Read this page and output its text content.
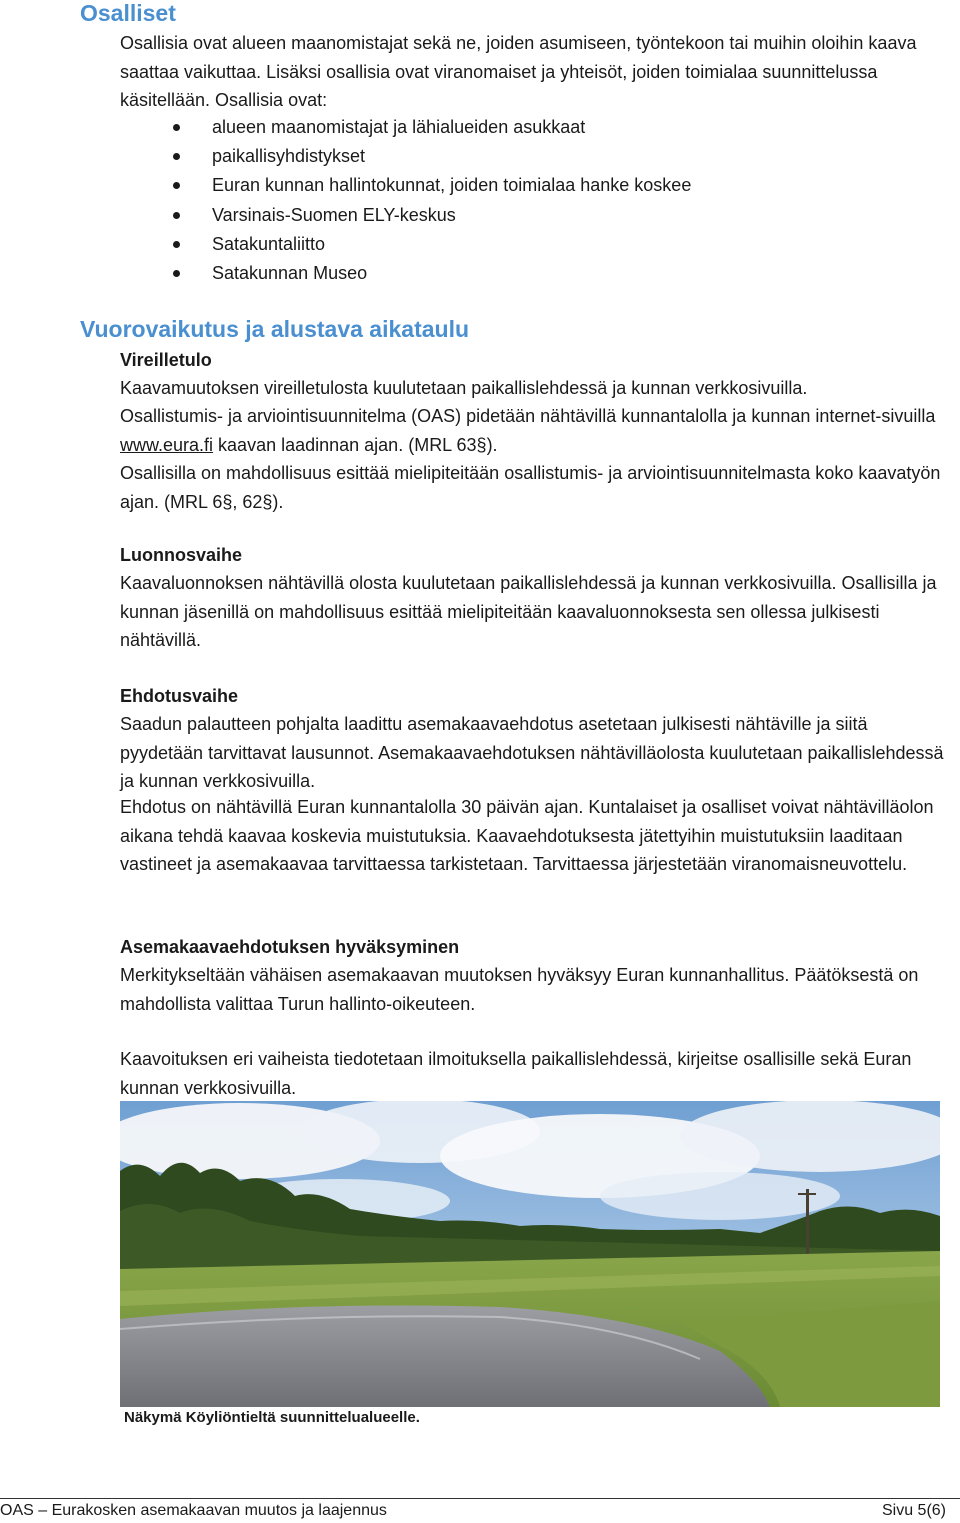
Osalliset

Osallisia ovat alueen maanomistajat sekä ne, joiden asumiseen, työntekoon tai muihin oloihin kaava saattaa vaikuttaa. Lisäksi osallisia ovat viranomaiset ja yhteisöt, joiden toimialaa suunnittelussa käsitellään. Osallisia ovat:

alueen maanomistajat ja lähialueiden asukkaat
paikallisyhdistykset
Euran kunnan hallintokunnat, joiden toimialaa hanke koskee
Varsinais-Suomen ELY-keskus
Satakuntaliitto
Satakunnan Museo
Vuorovaikutus ja alustava aikataulu

Vireilletulo

Kaavamuutoksen vireilletulosta kuulutetaan paikallislehdessä ja kunnan verkkosivuilla.

Osallistumis- ja arviointisuunnitelma (OAS) pidetään nähtävillä kunnantalolla ja kunnan internet-sivuilla www.eura.fi kaavan laadinnan ajan. (MRL 63§).

Osallisilla on mahdollisuus esittää mielipiteitään osallistumis- ja arviointisuunnitelmasta koko kaavatyön ajan. (MRL 6§, 62§).

Luonnosvaihe

Kaavaluonnoksen nähtävillä olosta kuulutetaan paikallislehdessä ja kunnan verkkosivuilla. Osallisilla ja kunnan jäsenillä on mahdollisuus esittää mielipiteitään kaavaluonnoksesta sen ollessa julkisesti nähtävillä.

Ehdotusvaihe

Saadun palautteen pohjalta laadittu asemakaavaehdotus asetetaan julkisesti nähtäville ja siitä pyydetään tarvittavat lausunnot. Asemakaavaehdotuksen nähtävilläolosta kuulutetaan paikallislehdessä ja kunnan verkkosivuilla.

Ehdotus on nähtävillä Euran kunnantalolla 30 päivän ajan. Kuntalaiset ja osalliset voivat nähtävilläolon aikana tehdä kaavaa koskevia muistutuksia. Kaavaehdotuksesta jätettyihin muistutuksiin laaditaan vastineet ja asemakaavaa tarvittaessa tarkistetaan. Tarvittaessa järjestetään viranomaisneuvottelu.

Asemakaavaehdotuksen hyväksyminen

Merkitykseltään vähäisen asemakaavan muutoksen hyväksyy Euran kunnanhallitus. Päätöksestä on mahdollista valittaa Turun hallinto-oikeuteen.

Kaavoituksen eri vaiheista tiedotetaan ilmoituksella paikallislehdessä, kirjeitse osallisille sekä Euran kunnan verkkosivuilla.

Näkymä Köyliöntieltä suunnittelualueelle.
OAS – Eurakosken asemakaavan muutos ja laajennus	Sivu 5(6)
